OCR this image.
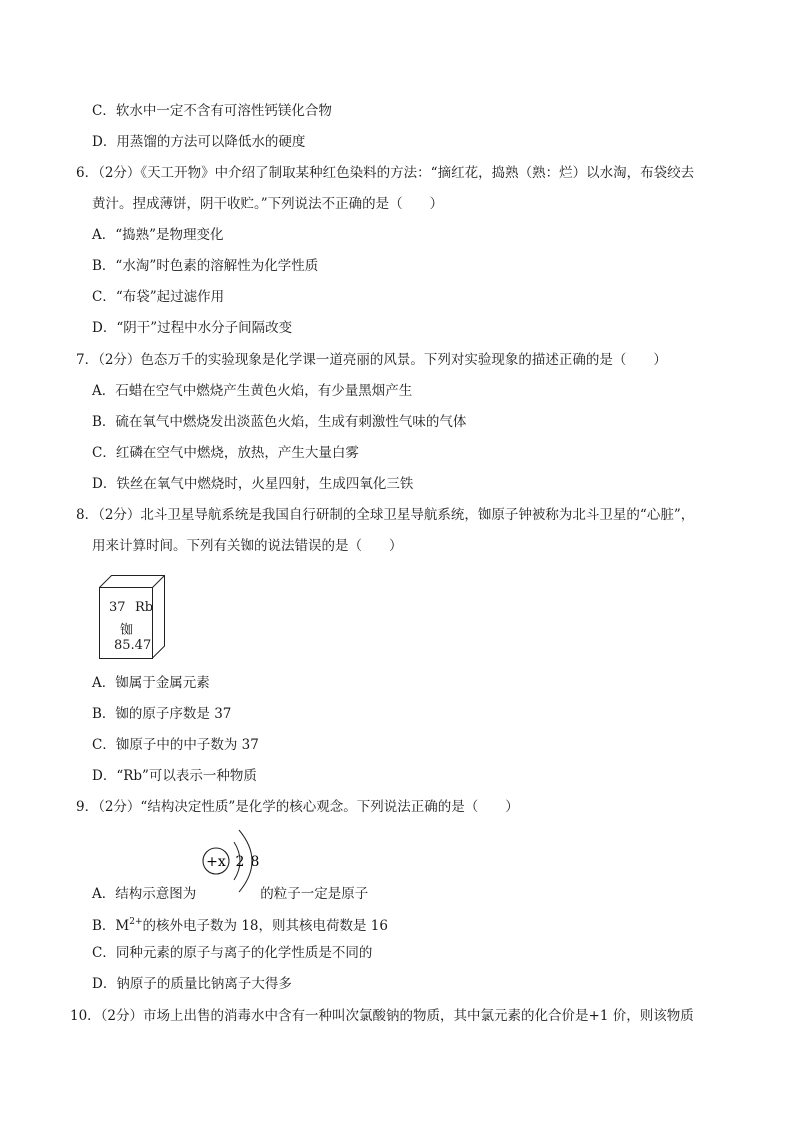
C．软水中一定不含有可溶性钙镁化合物
D．用蒸馏的方法可以降低水的硬度
6．（2分）《天工开物》中介绍了制取某种红色染料的方法：“摘红花，捣熟（熟：烂）以水淘，布袋绞去
黄汁。捏成薄饼，阴干收贮。”下列说法不正确的是（　　）
A．“捣熟”是物理变化
B．“水淘”时色素的溶解性为化学性质
C．“布袋”起过滤作用
D．“阴干”过程中水分子间隔改变
7．（2分）色态万千的实验现象是化学课一道亮丽的风景。下列对实验现象的描述正确的是（　　）
A．石蜡在空气中燃烧产生黄色火焰，有少量黑烟产生
B．硫在氧气中燃烧发出淡蓝色火焰，生成有刺激性气味的气体
C．红磷在空气中燃烧，放热，产生大量白雾
D．铁丝在氧气中燃烧时，火星四射，生成四氧化三铁
8．（2分）北斗卫星导航系统是我国自行研制的全球卫星导航系统，铷原子钟被称为北斗卫星的“心脏”，
用来计算时间。下列有关铷的说法错误的是（　　）
37 Rb
铷
85.47
A．铷属于金属元素
B．铷的原子序数是 37
C．铷原子中的中子数为 37
D．“Rb”可以表示一种物质
9．（2分）“结构决定性质”是化学的核心观念。下列说法正确的是（　　）
+x 2 8
A．结构示意图为	的粒子一定是原子
B．$M^{2+}$的核外电子数为 18，则其核电荷数是 16
C．同种元素的原子与离子的化学性质是不同的
D．钠原子的质量比钠离子大得多
10．（2分）市场上出售的消毒水中含有一种叫次氯酸钠的物质，其中氯元素的化合价是+1 价，则该物质
